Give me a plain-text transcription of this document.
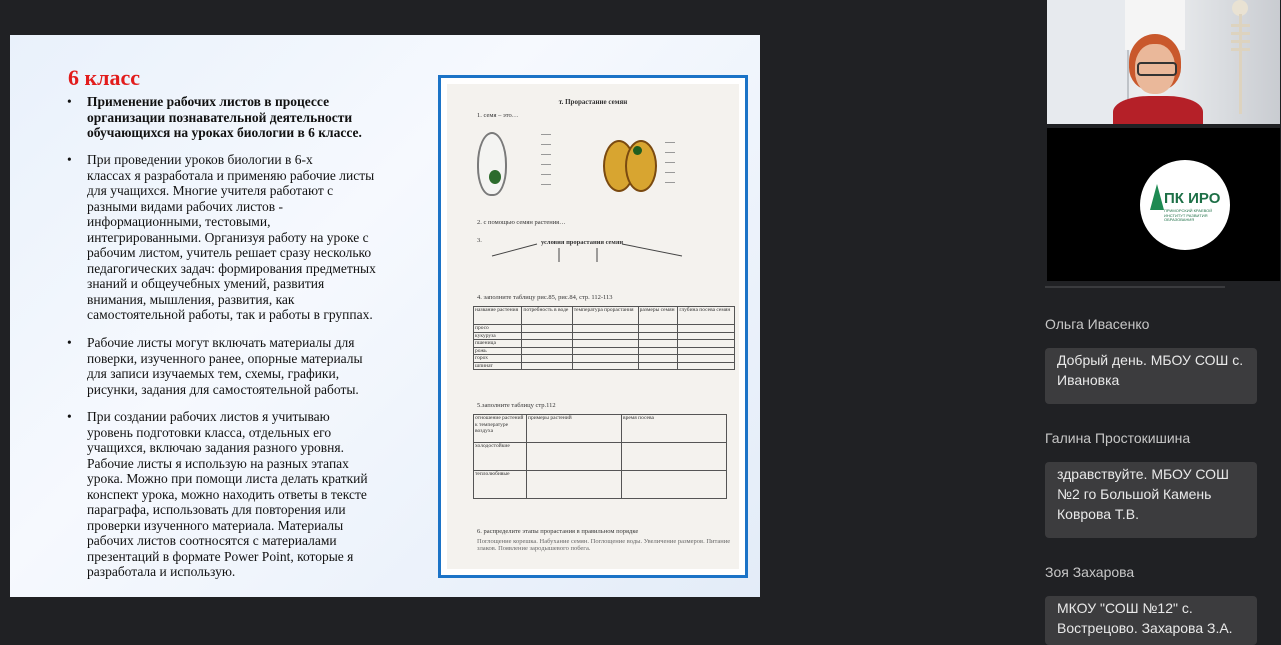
6 класс
• Применение рабочих листов в процессе
организации познавательной деятельности
обучающихся на уроках биологии в 6 классе.
• При проведении уроков биологии в 6-х
классах я разработала и применяю рабочие листы
для учащихся. Многие учителя работают с
разными видами рабочих листов -
информационными, тестовыми,
интегрированными. Организуя работу на уроке с
рабочим листом, учитель решает сразу несколько
педагогических задач: формирования предметных
знаний и общеучебных умений, развития
внимания, мышления, развития, как
самостоятельной работы, так и работы в группах.
• Рабочие листы могут включать материалы для
поверки, изученного ранее, опорные материалы
для записи изучаемых тем, схемы, графики,
рисунки, задания для самостоятельной работы.
• При создании рабочих листов я учитываю
уровень подготовки класса, отдельных его
учащихся, включаю задания разного уровня.
Рабочие листы я использую на разных этапах
урока. Можно при помощи листа делать краткий
конспект урока, можно находить ответы в тексте
параграфа, использовать для повторения или
проверки изученного материала. Материалы
рабочих листов соотносятся с материалами
презентаций в формате Power Point, которые я
разработала и использую.
т. Прорастание семян
1. семя – это…
2. с помощью семян растения…
3.	условия прорастания семян
4. заполните таблицу рис.85, рис.84, стр. 112-113
название растения	потребность в воде	температура прорастания	размеры семян	глубина посева семян
просо				
кукуруза				
пшеница				
рожь				
горох				
шпинат				
5.заполните таблицу стр.112
отношение растений к температуре воздуха	примеры растений	время посева
холодостойкие		
теплолюбивые		
6. распределите этапы прорастания в правильном порядке
Поглощение корешка. Набухание семян. Поглощение воды. Увеличение размеров. Питание
злаков. Появление зародышевого побега.
ПК ИРО
ПРИМОРСКИЙ КРАЕВОЙ ИНСТИТУТ РАЗВИТИЯ ОБРАЗОВАНИЯ
Ольга Ивасенко
Добрый день. МБОУ СОШ с.
Ивановка
Галина Простокишина
здравствуйте. МБОУ СОШ
№2 го Большой Камень
Коврова Т.В.
Зоя Захарова
МКОУ "СОШ №12" с.
Вострецово. Захарова З.А.
